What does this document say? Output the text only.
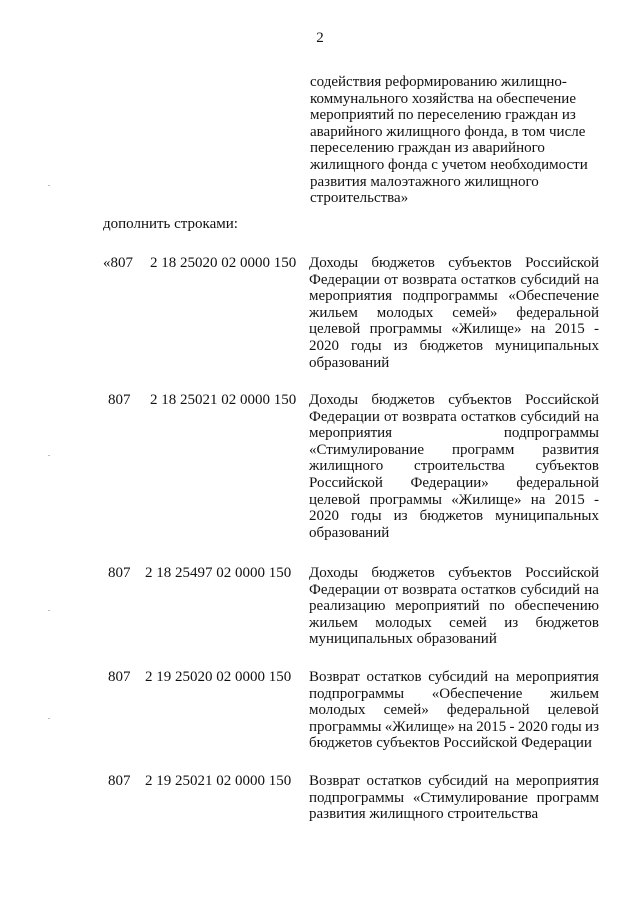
2
содействия реформированию жилищно-
коммунального хозяйства на обеспечение
мероприятий по переселению граждан из
аварийного жилищного фонда, в том числе
переселению граждан из аварийного
жилищного фонда с учетом необходимости
развития малоэтажного жилищного
строительства»
дополнить строками:
«807 2 18 25020 02 0000 150 Доходы бюджетов субъектов Российской
Федерации от возврата остатков субсидий на
мероприятия подпрограммы «Обеспечение
жильем молодых семей» федеральной
целевой программы «Жилище» на 2015 -
2020 годы из бюджетов муниципальных
образований
807 2 18 25021 02 0000 150 Доходы бюджетов субъектов Российской
Федерации от возврата остатков субсидий на
мероприятия	подпрограммы
«Стимулирование программ развития
жилищного строительства субъектов
Российской Федерации» федеральной
целевой программы «Жилище» на 2015 -
2020 годы из бюджетов муниципальных
образований
807 2 18 25497 02 0000 150 Доходы бюджетов субъектов Российской
Федерации от возврата остатков субсидий на
реализацию мероприятий по обеспечению
жильем молодых семей из бюджетов
муниципальных образований
807 2 19 25020 02 0000 150 Возврат остатков субсидий на мероприятия
подпрограммы «Обеспечение жильем
молодых семей» федеральной целевой
программы «Жилище» на 2015 - 2020 годы из
бюджетов субъектов Российской Федерации
807 2 19 25021 02 0000 150 Возврат остатков субсидий на мероприятия
подпрограммы «Стимулирование программ
развития жилищного строительства
